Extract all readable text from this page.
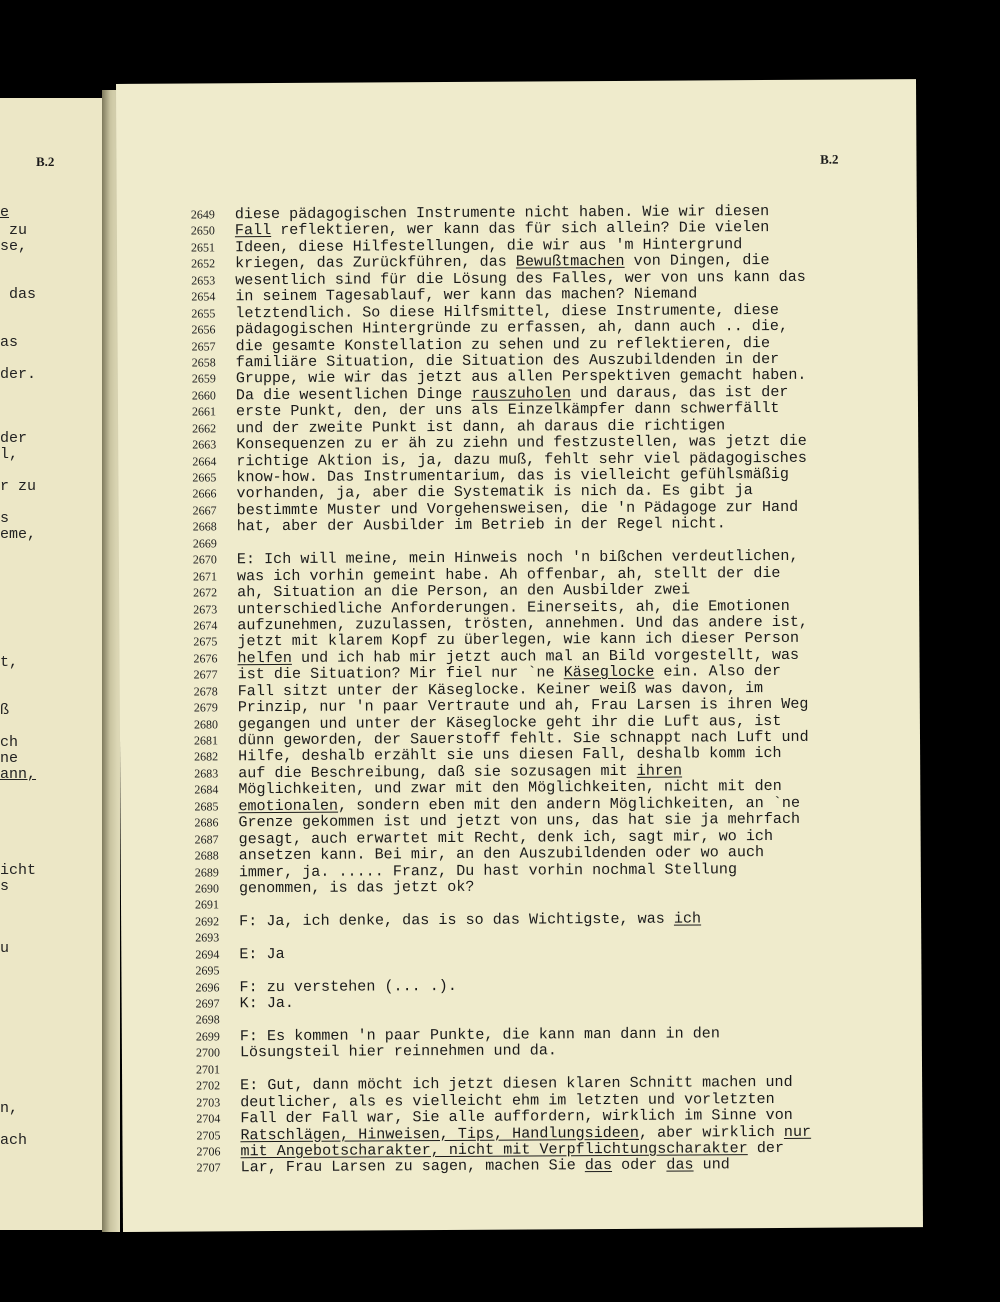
B.2
e
zu
se,
das
as
der.
der
l,
r zu
s
eme,
t,
ß
ch
ne
ann,
icht
s
u
n,
ach
B.2
2649 diese pädagogischen Instrumente nicht haben. Wie wir diesen
2650 Fall reflektieren, wer kann das für sich allein? Die vielen
2651 Ideen, diese Hilfestellungen, die wir aus 'm Hintergrund
2652 kriegen, das Zurückführen, das Bewußtmachen von Dingen, die
2653 wesentlich sind für die Lösung des Falles, wer von uns kann das
2654 in seinem Tagesablauf, wer kann das machen? Niemand
2655 letztendlich. So diese Hilfsmittel, diese Instrumente, diese
2656 pädagogischen Hintergründe zu erfassen, ah, dann auch .. die,
2657 die gesamte Konstellation zu sehen und zu reflektieren, die
2658 familiäre Situation, die Situation des Auszubildenden in der
2659 Gruppe, wie wir das jetzt aus allen Perspektiven gemacht haben.
2660 Da die wesentlichen Dinge rauszuholen und daraus, das ist der
2661 erste Punkt, den, der uns als Einzelkämpfer dann schwerfällt
2662 und der zweite Punkt ist dann, ah daraus die richtigen
2663 Konsequenzen zu er äh zu ziehn und festzustellen, was jetzt die
2664 richtige Aktion is, ja, dazu muß, fehlt sehr viel pädagogisches
2665 know-how. Das Instrumentarium, das is vielleicht gefühlsmäßig
2666 vorhanden, ja, aber die Systematik is nich da. Es gibt ja
2667 bestimmte Muster und Vorgehensweisen, die 'n Pädagoge zur Hand
2668 hat, aber der Ausbilder im Betrieb in der Regel nicht.
2669
2670 E: Ich will meine, mein Hinweis noch 'n bißchen verdeutlichen,
2671 was ich vorhin gemeint habe. Ah offenbar, ah, stellt der die
2672 ah, Situation an die Person, an den Ausbilder zwei
2673 unterschiedliche Anforderungen. Einerseits, ah, die Emotionen
2674 aufzunehmen, zuzulassen, trösten, annehmen. Und das andere ist,
2675 jetzt mit klarem Kopf zu überlegen, wie kann ich dieser Person
2676 helfen und ich hab mir jetzt auch mal an Bild vorgestellt, was
2677 ist die Situation? Mir fiel nur `ne Käseglocke ein. Also der
2678 Fall sitzt unter der Käseglocke. Keiner weiß was davon, im
2679 Prinzip, nur 'n paar Vertraute und ah, Frau Larsen is ihren Weg
2680 gegangen und unter der Käseglocke geht ihr die Luft aus, ist
2681 dünn geworden, der Sauerstoff fehlt. Sie schnappt nach Luft und
2682 Hilfe, deshalb erzählt sie uns diesen Fall, deshalb komm ich
2683 auf die Beschreibung, daß sie sozusagen mit ihren
2684 Möglichkeiten, und zwar mit den Möglichkeiten, nicht mit den
2685 emotionalen, sondern eben mit den andern Möglichkeiten, an `ne
2686 Grenze gekommen ist und jetzt von uns, das hat sie ja mehrfach
2687 gesagt, auch erwartet mit Recht, denk ich, sagt mir, wo ich
2688 ansetzen kann. Bei mir, an den Auszubildenden oder wo auch
2689 immer, ja. ..... Franz, Du hast vorhin nochmal Stellung
2690 genommen, is das jetzt ok?
2691
2692 F: Ja, ich denke, das is so das Wichtigste, was ich
2693
2694 E: Ja
2695
2696 F: zu verstehen (... .).
2697 K: Ja.
2698
2699 F: Es kommen 'n paar Punkte, die kann man dann in den
2700 Lösungsteil hier reinnehmen und da.
2701
2702 E: Gut, dann möcht ich jetzt diesen klaren Schnitt machen und
2703 deutlicher, als es vielleicht ehm im letzten und vorletzten
2704 Fall der Fall war, Sie alle auffordern, wirklich im Sinne von
2705 Ratschlägen, Hinweisen, Tips, Handlungsideen, aber wirklich nur
2706 mit Angebotscharakter, nicht mit Verpflichtungscharakter der
2707 Lar, Frau Larsen zu sagen, machen Sie das oder das und
